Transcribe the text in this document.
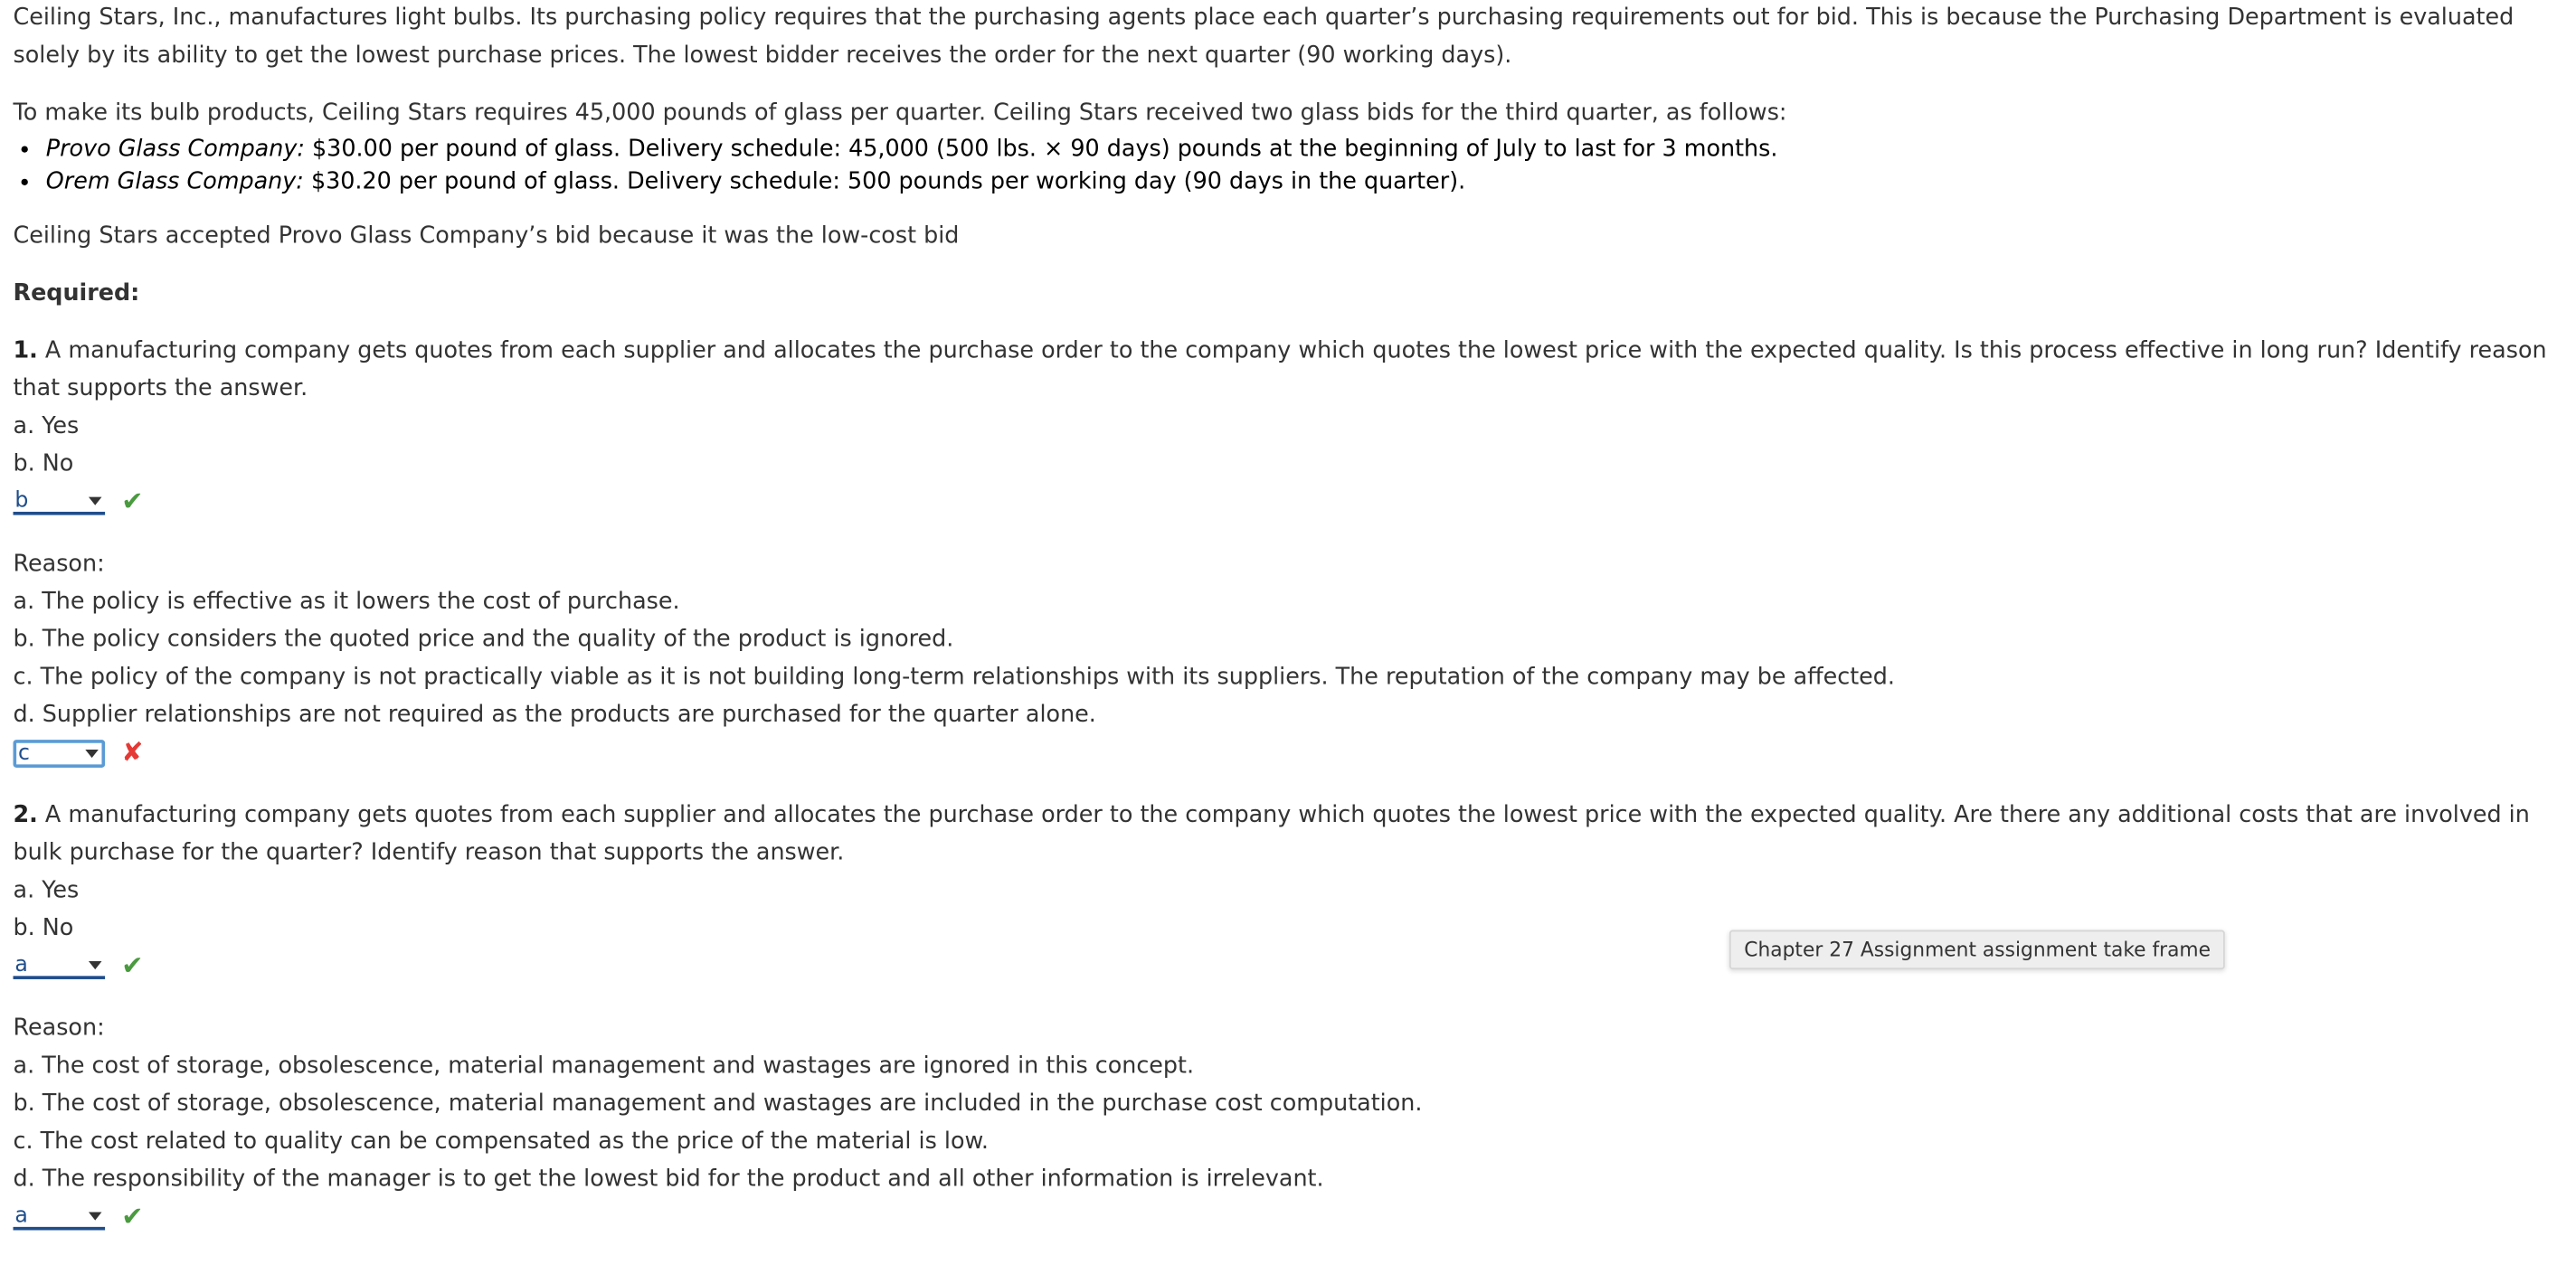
Ceiling Stars, Inc., manufactures light bulbs. Its purchasing policy requires that the purchasing agents place each quarter’s purchasing requirements out for bid. This is because the Purchasing Department is evaluated solely by its ability to get the lowest purchase prices. The lowest bidder receives the order for the next quarter (90 working days).

To make its bulb products, Ceiling Stars requires 45,000 pounds of glass per quarter. Ceiling Stars received two glass bids for the third quarter, as follows:

• Provo Glass Company: $30.00 per pound of glass. Delivery schedule: 45,000 (500 lbs. × 90 days) pounds at the beginning of July to last for 3 months.
• Orem Glass Company: $30.20 per pound of glass. Delivery schedule: 500 pounds per working day (90 days in the quarter).

Ceiling Stars accepted Provo Glass Company’s bid because it was the low-cost bid

Required:

1. A manufacturing company gets quotes from each supplier and allocates the purchase order to the company which quotes the lowest price with the expected quality. Is this process effective in long run? Identify reason that supports the answer.

a. Yes
b. No
b	✔
Reason:
a. The policy is effective as it lowers the cost of purchase.
b. The policy considers the quoted price and the quality of the product is ignored.
c. The policy of the company is not practically viable as it is not building long-term relationships with its suppliers. The reputation of the company may be affected.
d. Supplier relationships are not required as the products are purchased for the quarter alone.
c	✘

2. A manufacturing company gets quotes from each supplier and allocates the purchase order to the company which quotes the lowest price with the expected quality. Are there any additional costs that are involved in bulk purchase for the quarter? Identify reason that supports the answer.

a. Yes
b. No
a	✔
Reason:
a. The cost of storage, obsolescence, material management and wastages are ignored in this concept.
b. The cost of storage, obsolescence, material management and wastages are included in the purchase cost computation.
c. The cost related to quality can be compensated as the price of the material is low.
d. The responsibility of the manager is to get the lowest bid for the product and all other information is irrelevant.
a	✔
Chapter 27 Assignment assignment take frame
